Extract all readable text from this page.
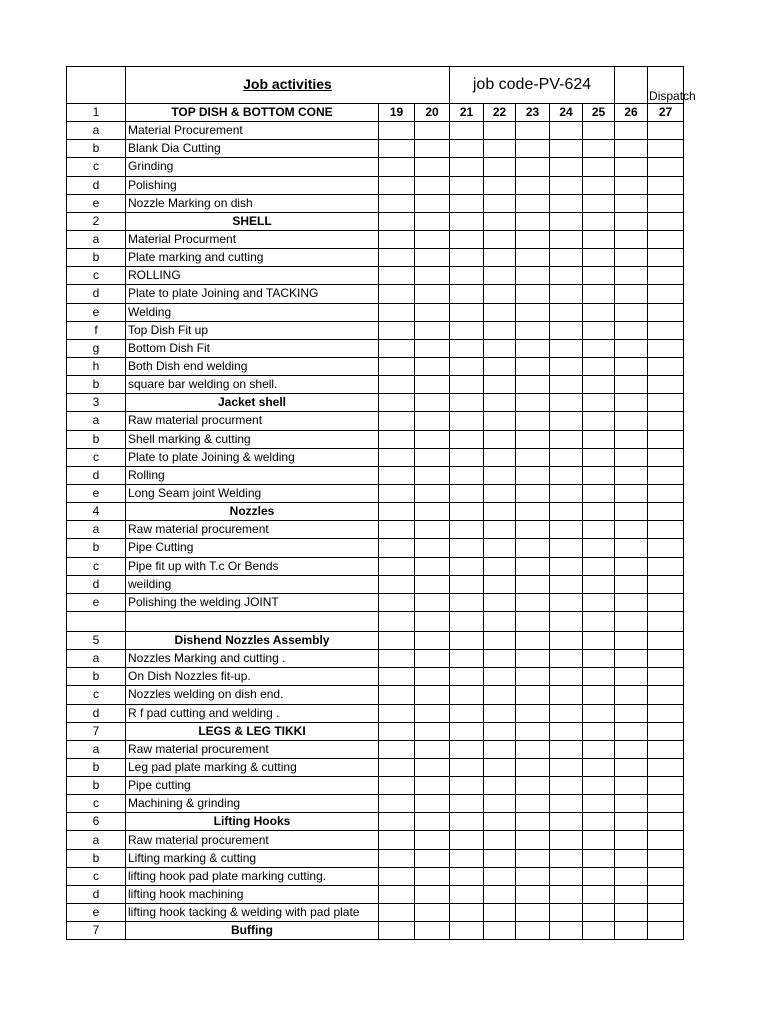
	Job activities			job code-PV-624						Dispatch
1	TOP DISH & BOTTOM CONE	19	20	21	22	23	24	25	26	27
a	Material Procurement									
b	Blank Dia Cutting									
c	Grinding									
d	Polishing									
e	Nozzle Marking on dish									
2	SHELL									
a	Material Procurment									
b	Plate marking and cutting									
c	ROLLING									
d	Plate to plate Joining and TACKING									
e	Welding									
f	Top Dish Fit up									
g	Bottom Dish Fit									
h	Both Dish end welding									
b	square bar welding on shell.									
3	Jacket shell									
a	Raw material procurment									
b	Shell marking & cutting									
c	Plate to plate Joining & welding									
d	Rolling									
e	Long Seam joint Welding									
4	Nozzles									
a	Raw material procurement									
b	Pipe Cutting									
c	Pipe fit up with T.c Or Bends									
d	weilding									
e	Polishing the welding JOINT									

5	Dishend Nozzles Assembly									
a	Nozzles Marking and cutting .									
b	On Dish Nozzles fit-up.									
c	Nozzles welding on dish end.									
d	R f pad cutting and welding .									
7	LEGS & LEG TIKKI									
a	Raw material procurement									
b	Leg pad plate marking & cutting									
b	Pipe cutting									
c	Machining & grinding									
6	Lifting Hooks									
a	Raw material procurement									
b	Lifting marking & cutting									
c	lifting hook pad plate marking cutting.									
d	lifting hook machining									
e	lifting hook tacking & welding with pad plate									
7	Buffing									
